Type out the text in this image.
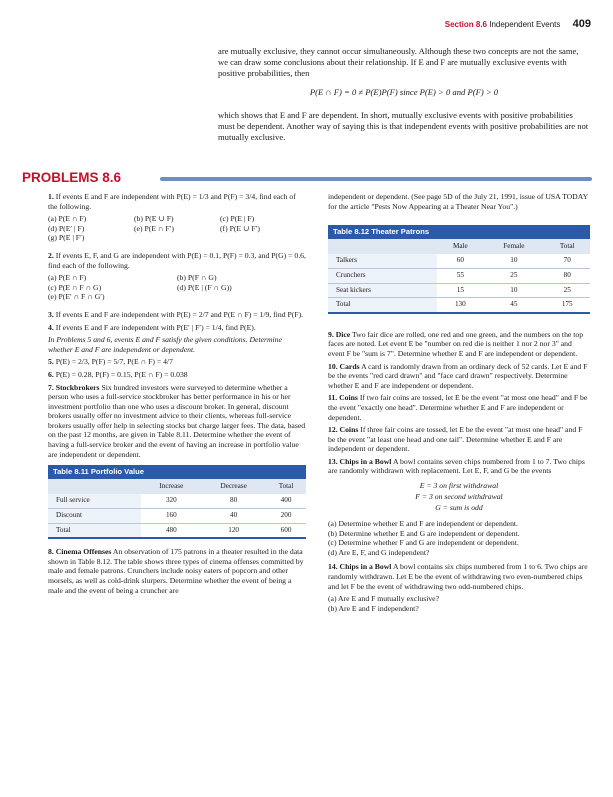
Section 8.6 Independent Events 409

are mutually exclusive, they cannot occur simultaneously. Although these two concepts are not the same, we can draw some conclusions about their relationship. If E and F are mutually exclusive events with positive probabilities, then

P(E ∩ F) = 0 ≠ P(E)P(F) since P(E) > 0 and P(F) > 0

which shows that E and F are dependent. In short, mutually exclusive events with positive probabilities must be dependent. Another way of saying this is that independent events with positive probabilities are not mutually exclusive.

PROBLEMS 8.6

1. If events E and F are independent with P(E) = 1/3 and P(F) = 3/4, find each of the following.

(a) P(E ∩ F)	(b) P(E ∪ F)	(c) P(E | F)
(d) P(E′ | F)	(e) P(E ∩ F′)	(f) P(E ∪ F′)
(g) P(E | F′)

2. If events E, F, and G are independent with P(E) = 0.1, P(F) = 0.3, and P(G) = 0.6, find each of the following.

(a) P(E ∩ F)	(b) P(F ∩ G)
(c) P(E ∩ F ∩ G)	(d) P(E | (F ∩ G))
(e) P(E′ ∩ F ∩ G′)

3. If events E and F are independent with P(E) = 2/7 and P(E ∩ F) = 1/9, find P(F).

4. If events E and F are independent with P(E′ | F′) = 1/4, find P(E).

In Problems 5 and 6, events E and F satisfy the given conditions. Determine whether E and F are independent or dependent.

5. P(E) = 2/3, P(F) = 5/7, P(E ∩ F) = 4/7

6. P(E) = 0.28, P(F) = 0.15, P(E ∩ F) = 0.038

7. Stockbrokers Six hundred investors were surveyed to determine whether a person who uses a full-service stockbroker has better performance in his or her investment portfolio than one who uses a discount broker. In general, discount brokers usually offer no investment advice to their clients, whereas full-service brokers usually offer help in selecting stocks but charge larger fees. The data, based on the past 12 months, are given in Table 8.11. Determine whether the event of having a full-service broker and the event of having an increase in portfolio value are independent or dependent.

Table 8.11 Portfolio Value
	Increase	Decrease	Total
Full service	320	80	400
Discount	160	40	200
Total	480	120	600

8. Cinema Offenses An observation of 175 patrons in a theater resulted in the data shown in Table 8.12. The table shows three types of cinema offenses committed by male and female patrons. Crunchers include noisy eaters of popcorn and other morsels, as well as cold-drink slurpers. Determine whether the event of being a male and the event of being a cruncher are

independent or dependent. (See page 5D of the July 21, 1991, issue of USA TODAY for the article "Pests Now Appearing at a Theater Near You".)

Table 8.12 Theater Patrons
	Male	Female	Total
Talkers	60	10	70
Crunchers	55	25	80
Seat kickers	15	10	25
Total	130	45	175

9. Dice Two fair dice are rolled, one red and one green, and the numbers on the top faces are noted. Let event E be "number on red die is neither 1 nor 2 nor 3" and event F be "sum is 7". Determine whether E and F are independent or dependent.

10. Cards A card is randomly drawn from an ordinary deck of 52 cards. Let E and F be the events "red card drawn" and "face card drawn" respectively. Determine whether E and F are independent or dependent.

11. Coins If two fair coins are tossed, let E be the event "at most one head" and F be the event "exactly one head". Determine whether E and F are independent or dependent.

12. Coins If three fair coins are tossed, let E be the event "at most one head" and F be the event "at least one head and one tail". Determine whether E and F are independent or dependent.

13. Chips in a Bowl A bowl contains seven chips numbered from 1 to 7. Two chips are randomly withdrawn with replacement. Let E, F, and G be the events

E = 3 on first withdrawal
F = 3 on second withdrawal
G = sum is odd
(a) Determine whether E and F are independent or dependent.
(b) Determine whether E and G are independent or dependent.
(c) Determine whether F and G are independent or dependent.
(d) Are E, F, and G independent?

14. Chips in a Bowl A bowl contains six chips numbered from 1 to 6. Two chips are randomly withdrawn. Let E be the event of withdrawing two even-numbered chips and let F be the event of withdrawing two odd-numbered chips.

(a) Are E and F mutually exclusive?
(b) Are E and F independent?
